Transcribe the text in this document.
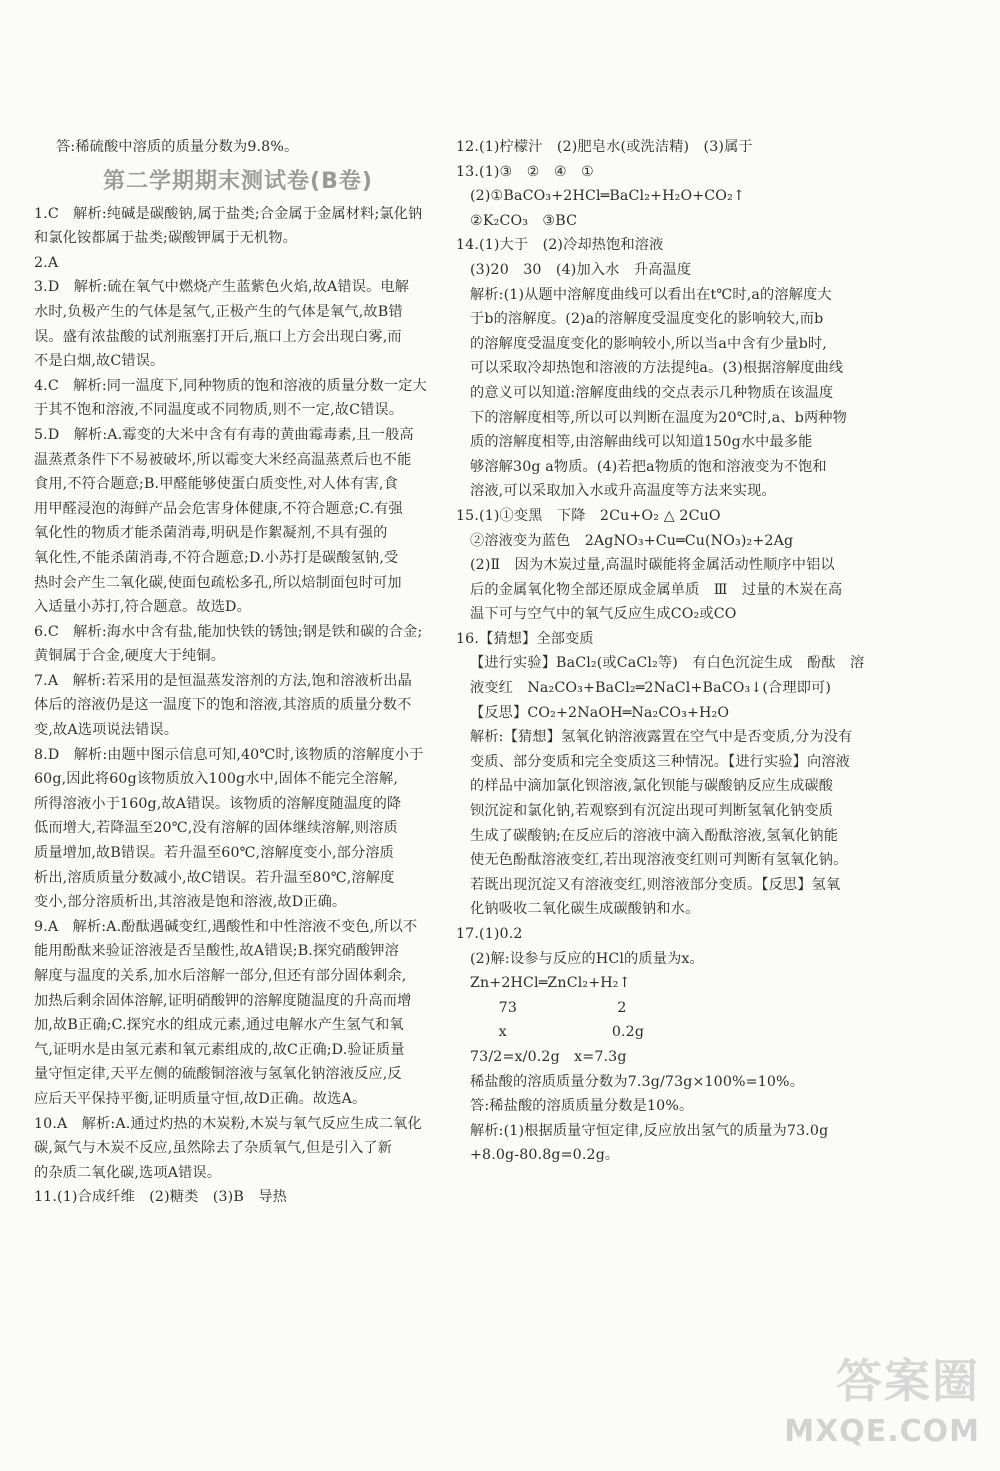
答:稀硫酸中溶质的质量分数为9.8%。
第二学期期末测试卷(B卷)
1.C　解析:纯碱是碳酸钠,属于盐类;合金属于金属材料;氯化钠
和氯化铵都属于盐类;碳酸钾属于无机物。
2.A
3.D　解析:硫在氧气中燃烧产生蓝紫色火焰,故A错误。电解
水时,负极产生的气体是氢气,正极产生的气体是氧气,故B错
误。盛有浓盐酸的试剂瓶塞打开后,瓶口上方会出现白雾,而
不是白烟,故C错误。
4.C　解析:同一温度下,同种物质的饱和溶液的质量分数一定大
于其不饱和溶液,不同温度或不同物质,则不一定,故C错误。
5.D　解析:A.霉变的大米中含有有毒的黄曲霉毒素,且一般高
温蒸煮条件下不易被破坏,所以霉变大米经高温蒸煮后也不能
食用,不符合题意;B.甲醛能够使蛋白质变性,对人体有害,食
用甲醛浸泡的海鲜产品会危害身体健康,不符合题意;C.有强
氧化性的物质才能杀菌消毒,明矾是作絮凝剂,不具有强的
氧化性,不能杀菌消毒,不符合题意;D.小苏打是碳酸氢钠,受
热时会产生二氧化碳,使面包疏松多孔,所以焙制面包时可加
入适量小苏打,符合题意。故选D。
6.C　解析:海水中含有盐,能加快铁的锈蚀;钢是铁和碳的合金;
黄铜属于合金,硬度大于纯铜。
7.A　解析:若采用的是恒温蒸发溶剂的方法,饱和溶液析出晶
体后的溶液仍是这一温度下的饱和溶液,其溶质的质量分数不
变,故A选项说法错误。
8.D　解析:由题中图示信息可知,40℃时,该物质的溶解度小于
60g,因此将60g该物质放入100g水中,固体不能完全溶解,
所得溶液小于160g,故A错误。该物质的溶解度随温度的降
低而增大,若降温至20℃,没有溶解的固体继续溶解,则溶质
质量增加,故B错误。若升温至60℃,溶解度变小,部分溶质
析出,溶质质量分数减小,故C错误。若升温至80℃,溶解度
变小,部分溶质析出,其溶液是饱和溶液,故D正确。
9.A　解析:A.酚酞遇碱变红,遇酸性和中性溶液不变色,所以不
能用酚酞来验证溶液是否呈酸性,故A错误;B.探究硝酸钾溶
解度与温度的关系,加水后溶解一部分,但还有部分固体剩余,
加热后剩余固体溶解,证明硝酸钾的溶解度随温度的升高而增
加,故B正确;C.探究水的组成元素,通过电解水产生氢气和氧
气,证明水是由氢元素和氧元素组成的,故C正确;D.验证质量
量守恒定律,天平左侧的硫酸铜溶液与氢氧化钠溶液反应,反
应后天平保持平衡,证明质量守恒,故D正确。故选A。
10.A　解析:A.通过灼热的木炭粉,木炭与氧气反应生成二氧化
碳,氮气与木炭不反应,虽然除去了杂质氧气,但是引入了新
的杂质二氧化碳,选项A错误。
11.(1)合成纤维　(2)糖类　(3)B　导热
12.(1)柠檬汁　(2)肥皂水(或洗洁精)　(3)属于
13.(1)③　②　④　①
(2)①BaCO₃+2HCl═BaCl₂+H₂O+CO₂↑
②K₂CO₃　③BC
14.(1)大于　(2)冷却热饱和溶液
(3)20　30　(4)加入水　升高温度
解析:(1)从题中溶解度曲线可以看出在t℃时,a的溶解度大
于b的溶解度。(2)a的溶解度受温度变化的影响较大,而b
的溶解度受温度变化的影响较小,所以当a中含有少量b时,
可以采取冷却热饱和溶液的方法提纯a。(3)根据溶解度曲线
的意义可以知道:溶解度曲线的交点表示几种物质在该温度
下的溶解度相等,所以可以判断在温度为20℃时,a、b两种物
质的溶解度相等,由溶解曲线可以知道150g水中最多能
够溶解30g a物质。(4)若把a物质的饱和溶液变为不饱和
溶液,可以采取加入水或升高温度等方法来实现。
15.(1)①变黑　下降　2Cu+O₂ △ 2CuO
②溶液变为蓝色　2AgNO₃+Cu═Cu(NO₃)₂+2Ag
(2)Ⅱ　因为木炭过量,高温时碳能将金属活动性顺序中铝以
后的金属氧化物全部还原成金属单质　Ⅲ　过量的木炭在高
温下可与空气中的氧气反应生成CO₂或CO
16.【猜想】全部变质
【进行实验】BaCl₂(或CaCl₂等)　有白色沉淀生成　酚酞　溶
液变红　Na₂CO₃+BaCl₂═2NaCl+BaCO₃↓(合理即可)
【反思】CO₂+2NaOH═Na₂CO₃+H₂O
解析:【猜想】氢氧化钠溶液露置在空气中是否变质,分为没有
变质、部分变质和完全变质这三种情况。【进行实验】向溶液
的样品中滴加氯化钡溶液,氯化钡能与碳酸钠反应生成碳酸
钡沉淀和氯化钠,若观察到有沉淀出现可判断氢氧化钠变质
生成了碳酸钠;在反应后的溶液中滴入酚酞溶液,氢氧化钠能
使无色酚酞溶液变红,若出现溶液变红则可判断有氢氧化钠。
若既出现沉淀又有溶液变红,则溶液部分变质。【反思】氢氧
化钠吸收二氧化碳生成碳酸钠和水。
17.(1)0.2
(2)解:设参与反应的HCl的质量为x。
Zn+2HCl═ZnCl₂+H₂↑
　　73　　　　　　　2
　　x　　　　　　　 0.2g
73/2=x/0.2g　x=7.3g
稀盐酸的溶质质量分数为7.3g/73g×100%=10%。
答:稀盐酸的溶质质量分数是10%。
解析:(1)根据质量守恒定律,反应放出氢气的质量为73.0g
+8.0g-80.8g=0.2g。
答案圈
MXQE.COM
